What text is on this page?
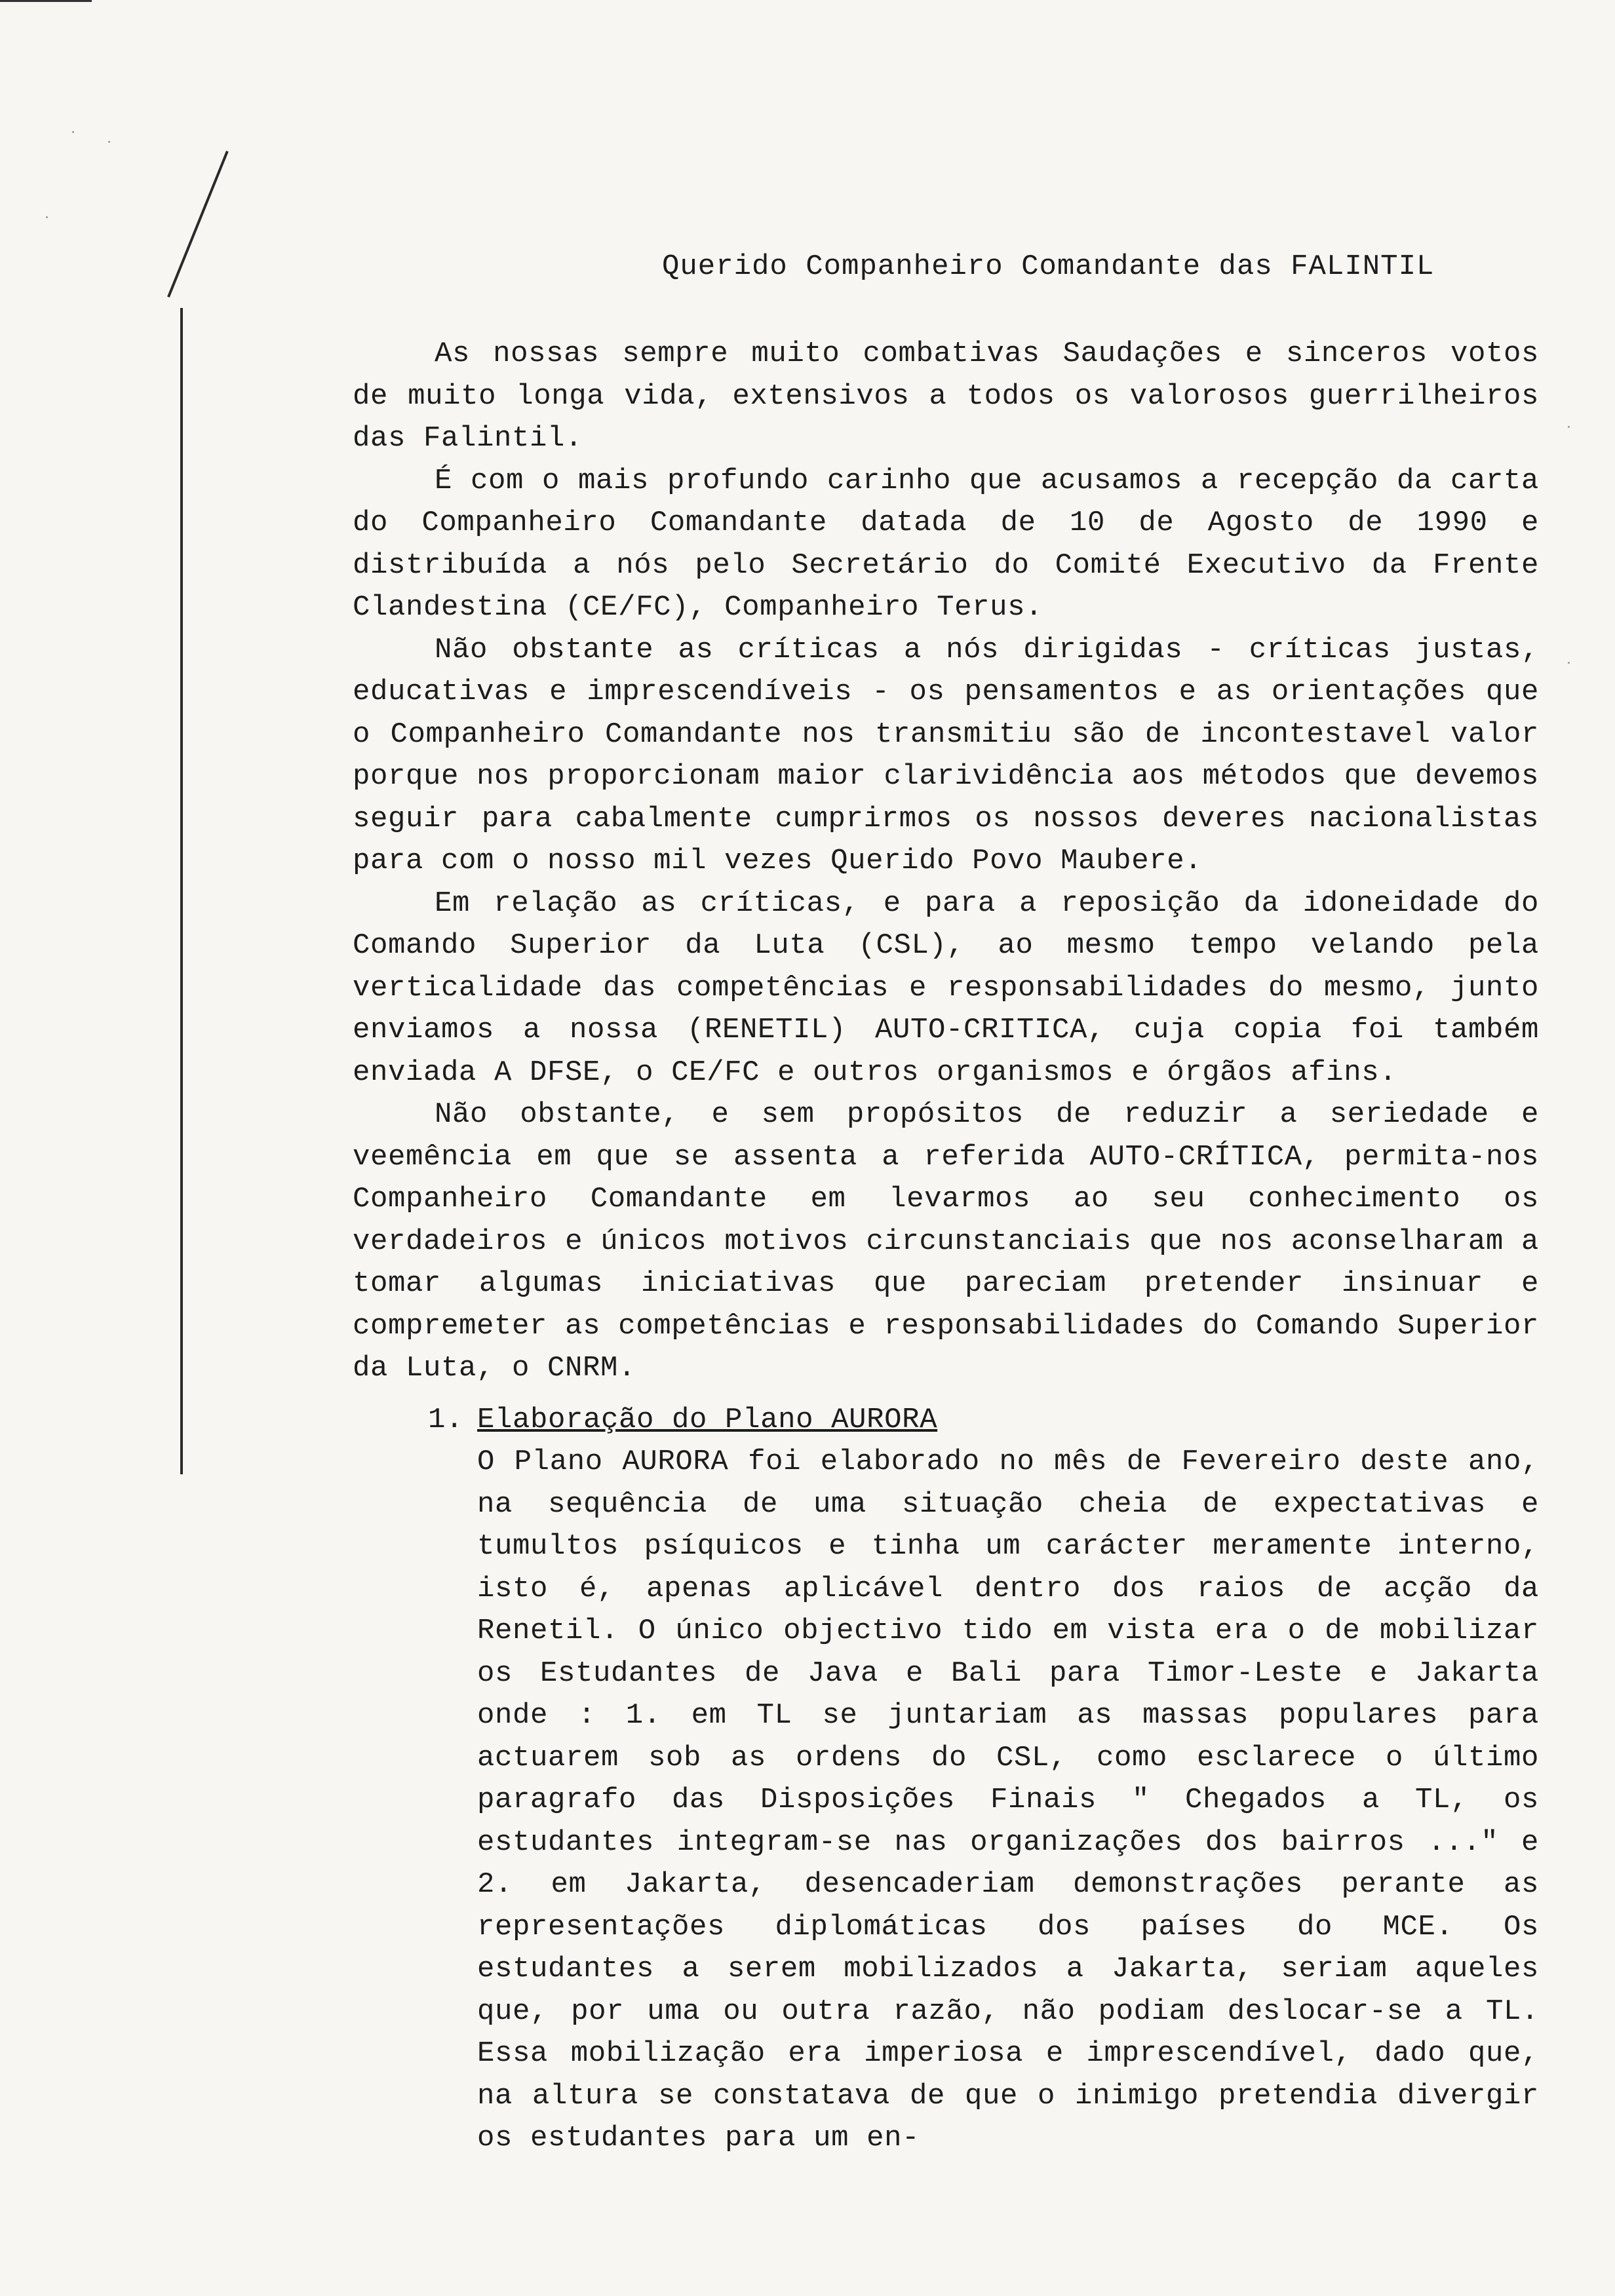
Querido Companheiro Comandante das FALINTIL

As nossas sempre muito combativas Saudações e sinceros votos de muito longa vida, extensivos a todos os valorosos guerrilheiros das Falintil.

É com o mais profundo carinho que acusamos a recepção da carta do Companheiro Comandante datada de 10 de Agosto de 1990 e distribuída a nós pelo Secretário do Comité Executivo da Frente Clandestina (CE/FC), Companheiro Terus.

Não obstante as críticas a nós dirigidas - críticas justas, educativas e imprescendíveis - os pensamentos e as orientações que o Companheiro Comandante nos transmitiu são de incontestavel valor porque nos proporcionam maior clarividência aos métodos que devemos seguir para cabalmente cumprirmos os nossos deveres nacionalistas para com o nosso mil vezes Querido Povo Maubere.

Em relação as críticas, e para a reposição da idoneidade do Comando Superior da Luta (CSL), ao mesmo tempo velando pela verticalidade das competências e responsabilidades do mesmo, junto enviamos a nossa (RENETIL) AUTO-CRITICA, cuja copia foi também enviada A DFSE, o CE/FC e outros organismos e órgãos afins.

Não obstante, e sem propósitos de reduzir a seriedade e veemência em que se assenta a referida AUTO-CRÍTICA, permita-nos Companheiro Comandante em levarmos ao seu conhecimento os verdadeiros e únicos motivos circunstanciais que nos aconselharam a tomar algumas iniciativas que pareciam pretender insinuar e compremeter as competências e responsabilidades do Comando Superior da Luta, o CNRM.

1. Elaboração do Plano AURORA

O Plano AURORA foi elaborado no mês de Fevereiro deste ano, na sequência de uma situação cheia de expectativas e tumultos psíquicos e tinha um carácter meramente interno, isto é, apenas aplicável dentro dos raios de acção da Renetil. O único objectivo tido em vista era o de mobilizar os Estudantes de Java e Bali para Timor-Leste e Jakarta onde : 1. em TL se juntariam as massas populares para actuarem sob as ordens do CSL, como esclarece o último paragrafo das Disposições Finais " Chegados a TL, os estudantes integram-se nas organizações dos bairros ..." e 2. em Jakarta, desencaderiam demonstrações perante as representações diplomáticas dos países do MCE. Os estudantes a serem mobilizados a Jakarta, seriam aqueles que, por uma ou outra razão, não podiam deslocar-se a TL. Essa mobilização era imperiosa e imprescendível, dado que, na altura se constatava de que o inimigo pretendia divergir os estudantes para um en-
